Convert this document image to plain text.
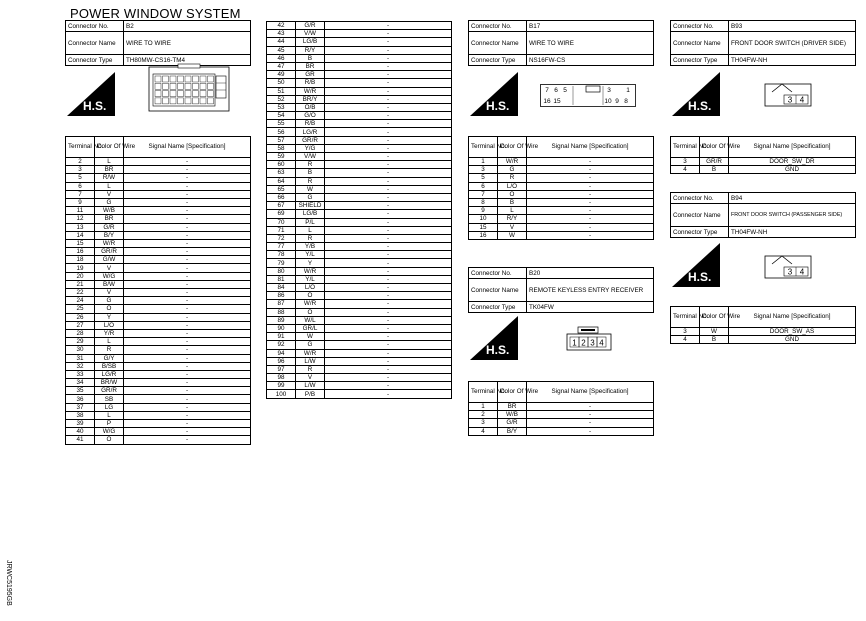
POWER WINDOW SYSTEM
JRWC5195GB
Connector No.	B2
Connector Name	WIRE TO WIRE
Connector Type	TH80MW-CS16-TM4
H.S.
Terminal No.	Color Of Wire	Signal Name [Specification]
2	L	-
3	BR	-
5	R/W	-
6	L	-
7	V	-
9	G	-
11	W/B	-
12	BR	-
13	G/R	-
14	B/Y	-
15	W/R	-
16	GR/R	-
18	G/W	-
19	V	-
20	W/G	-
21	B/W	-
22	V	-
24	G	-
25	O	-
26	Y	-
27	L/O	-
28	Y/R	-
29	L	-
30	R	-
31	G/Y	-
32	B/SB	-
33	LG/R	-
34	BR/W	-
35	GR/R	-
36	SB	-
37	LG	-
38	L	-
39	P	-
40	W/G	-
41	O	-
42	G/R	-
43	V/W	-
44	LG/B	-
45	R/Y	-
46	B	-
47	BR	-
49	GR	-
50	R/B	-
51	W/R	-
52	BR/Y	-
53	O/B	-
54	G/O	-
55	R/B	-
56	LG/R	-
57	GR/R	-
58	Y/G	-
59	V/W	-
60	R	-
63	B	-
64	R	-
65	W	-
66	G	-
67	SHIELD	-
69	LG/B	-
70	P/L	-
71	L	-
72	R	-
77	Y/B	-
78	Y/L	-
79	Y	-
80	W/R	-
81	Y/L	-
84	L/O	-
86	O	-
87	W/R	-
88	O	-
89	W/L	-
90	GR/L	-
91	W	-
92	G	-
94	W/R	-
96	L/W	-
97	R	-
98	V	-
99	L/W	-
100	P/B	-
Connector No.	B17
Connector Name	WIRE TO WIRE
Connector Type	NS16FW-CS
H.S.
7 6 5	3 1
16 15	10 9 8
Terminal No.	Color Of Wire	Signal Name [Specification]
1	W/R	-
3	G	-
5	R	-
6	L/O	-
7	O	-
8	B	-
9	L	-
10	R/Y	-
15	V	-
16	W	-
Connector No.	B20
Connector Name	REMOTE KEYLESS ENTRY RECEIVER
Connector Type	TK04FW
H.S.	1 2 3 4
Terminal No.	Color Of Wire	Signal Name [Specification]
1	BR	-
2	W/B	-
3	G/R	-
4	B/Y	-
Connector No.	B93
Connector Name	FRONT DOOR SWITCH (DRIVER SIDE)
Connector Type	TH04FW-NH
H.S.	3 4
Terminal No.	Color Of Wire	Signal Name [Specification]
3	GR/R	DOOR_SW_DR
4	B	GND
Connector No.	B94
Connector Name	FRONT DOOR SWITCH (PASSENGER SIDE)
Connector Type	TH04FW-NH
H.S.	3 4
Terminal No.	Color Of Wire	Signal Name [Specification]
3	W	DOOR_SW_AS
4	B	GND
